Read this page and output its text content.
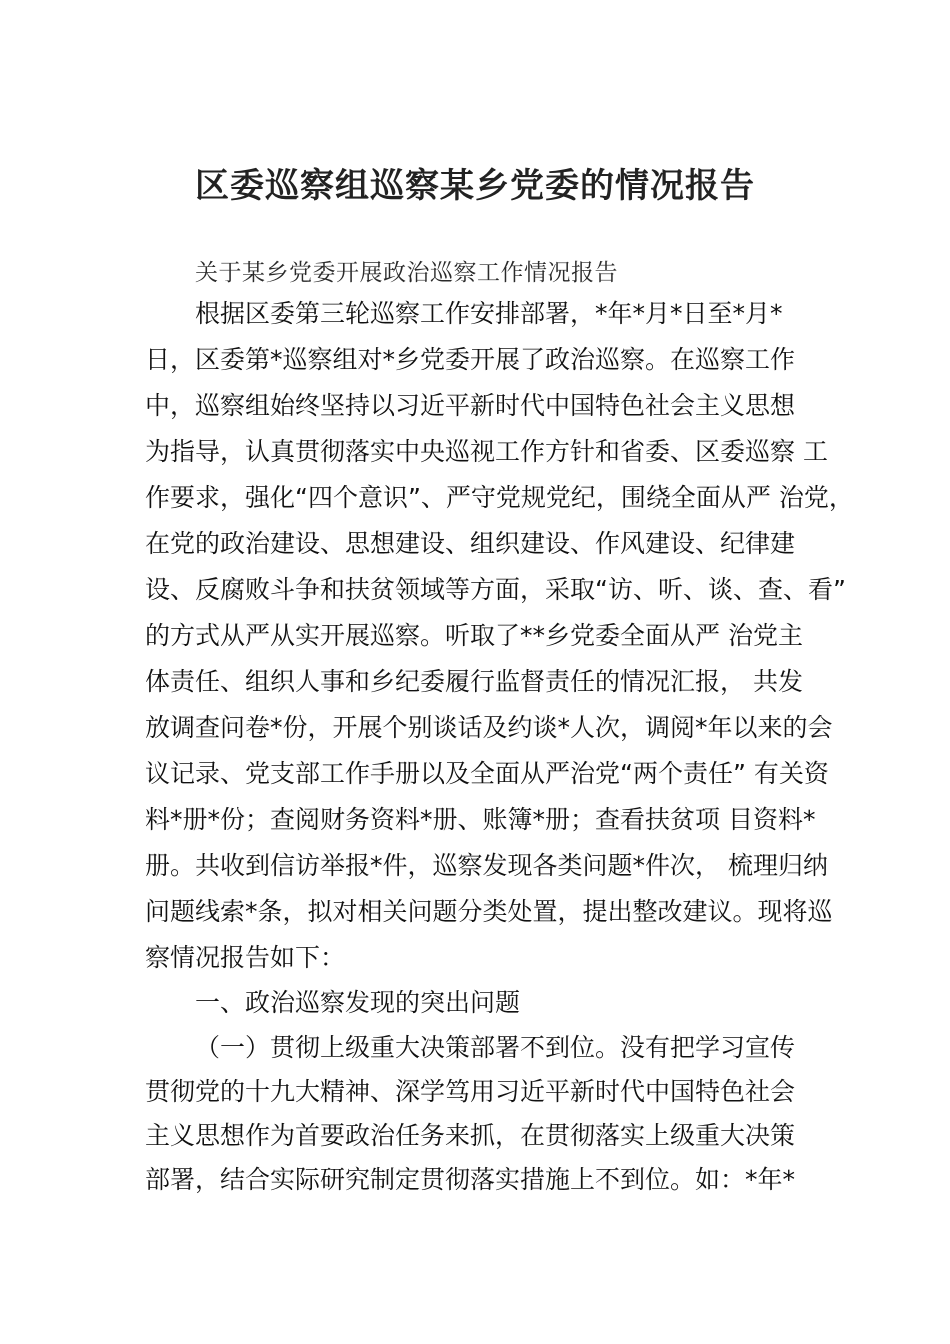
区委巡察组巡察某乡党委的情况报告
关于某乡党委开展政治巡察工作情况报告
根据区委第三轮巡察工作安排部署，*年*月*日至*月*
日，区委第*巡察组对*乡党委开展了政治巡察。在巡察工作
中，巡察组始终坚持以习近平新时代中国特色社会主义思想
为指导，认真贯彻落实中央巡视工作方针和省委、区委巡察 工
作要求，强化“四个意识”、严守党规党纪，围绕全面从严 治党，
在党的政治建设、思想建设、组织建设、作风建设、纪律建
设、反腐败斗争和扶贫领域等方面，采取“访、听、谈、查、看”
的方式从严从实开展巡察。听取了**乡党委全面从严 治党主
体责任、组织人事和乡纪委履行监督责任的情况汇报， 共发
放调查问卷*份，开展个别谈话及约谈*人次，调阅*年以来的会
议记录、党支部工作手册以及全面从严治党“两个责任” 有关资
料*册*份；查阅财务资料*册、账簿*册；查看扶贫项 目资料*
册。共收到信访举报*件，巡察发现各类问题*件次， 梳理归纳
问题线索*条，拟对相关问题分类处置，提出整改建议。现将巡
察情况报告如下：
一、政治巡察发现的突出问题
（一）贯彻上级重大决策部署不到位。没有把学习宣传
贯彻党的十九大精神、深学笃用习近平新时代中国特色社会
主义思想作为首要政治任务来抓，在贯彻落实上级重大决策
部署，结合实际研究制定贯彻落实措施上不到位。如：*年*
